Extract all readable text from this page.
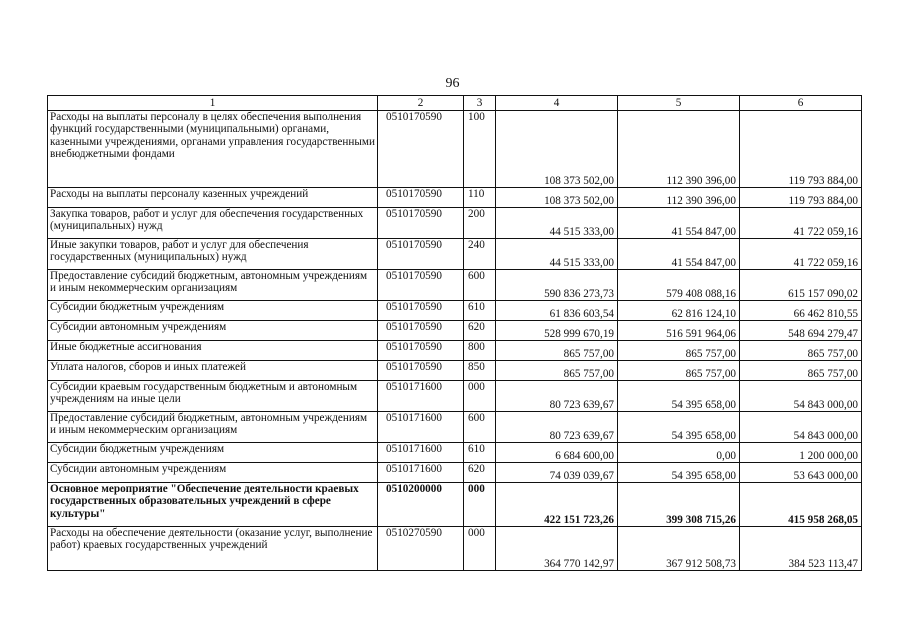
96
1	2	3	4	5	6
Расходы на выплаты персоналу в целях обеспечения выполнения функций государственными (муниципальными) органами, казенными учреждениями, органами управления государственными внебюджетными фондами	0510170590	100	108 373 502,00	112 390 396,00	119 793 884,00
Расходы на выплаты персоналу казенных учреждений	0510170590	110	108 373 502,00	112 390 396,00	119 793 884,00
Закупка товаров, работ и услуг для обеспечения государственных (муниципальных) нужд	0510170590	200	44 515 333,00	41 554 847,00	41 722 059,16
Иные закупки товаров, работ и услуг для обеспечения государственных (муниципальных) нужд	0510170590	240	44 515 333,00	41 554 847,00	41 722 059,16
Предоставление субсидий бюджетным, автономным учреждениям и иным некоммерческим организациям	0510170590	600	590 836 273,73	579 408 088,16	615 157 090,02
Субсидии бюджетным учреждениям	0510170590	610	61 836 603,54	62 816 124,10	66 462 810,55
Субсидии автономным учреждениям	0510170590	620	528 999 670,19	516 591 964,06	548 694 279,47
Иные бюджетные ассигнования	0510170590	800	865 757,00	865 757,00	865 757,00
Уплата налогов, сборов и иных платежей	0510170590	850	865 757,00	865 757,00	865 757,00
Субсидии краевым государственным бюджетным и автономным учреждениям на иные цели	0510171600	000	80 723 639,67	54 395 658,00	54 843 000,00
Предоставление субсидий бюджетным, автономным учреждениям и иным некоммерческим организациям	0510171600	600	80 723 639,67	54 395 658,00	54 843 000,00
Субсидии бюджетным учреждениям	0510171600	610	6 684 600,00	0,00	1 200 000,00
Субсидии автономным учреждениям	0510171600	620	74 039 039,67	54 395 658,00	53 643 000,00
Основное мероприятие "Обеспечение деятельности краевых государственных образовательных учреждений в сфере культуры"	0510200000	000	422 151 723,26	399 308 715,26	415 958 268,05
Расходы на обеспечение деятельности (оказание услуг, выполнение работ) краевых государственных учреждений	0510270590	000	364 770 142,97	367 912 508,73	384 523 113,47
